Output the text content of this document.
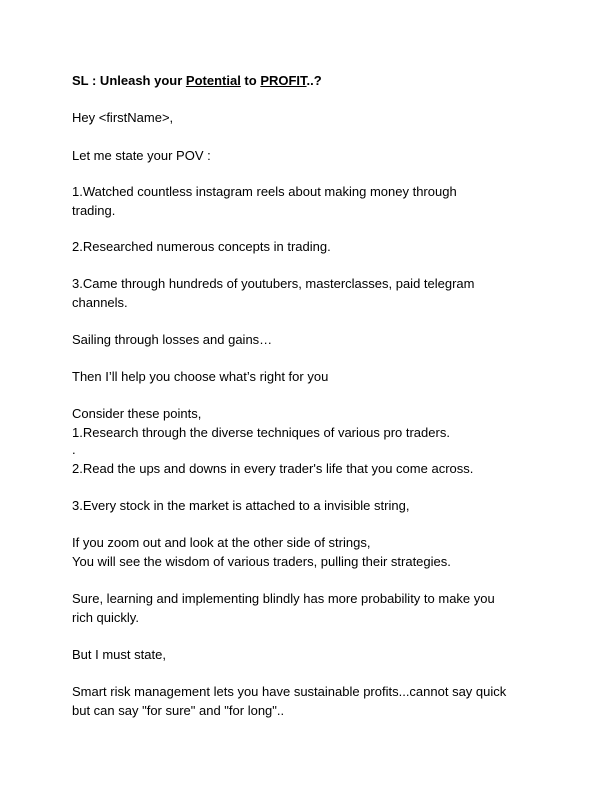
SL : Unleash your Potential to PROFIT..?
Hey <firstName>,
Let me state your POV :
1.Watched countless instagram reels about making money through
trading.
2.Researched numerous concepts in trading.
3.Came through hundreds of youtubers, masterclasses, paid telegram
channels.
Sailing through losses and gains…
Then I’ll help you choose what’s right for you
Consider these points,
1.Research through the diverse techniques of various pro traders.
.
2.Read the ups and downs in every trader's life that you come across.
3.Every stock in the market is attached to a invisible string,
If you zoom out and look at the other side of strings,
You will see the wisdom of various traders, pulling their strategies.
Sure, learning and implementing blindly has more probability to make you
rich quickly.
But I must state,
Smart risk management lets you have sustainable profits...cannot say quick
but can say "for sure" and "for long"..
